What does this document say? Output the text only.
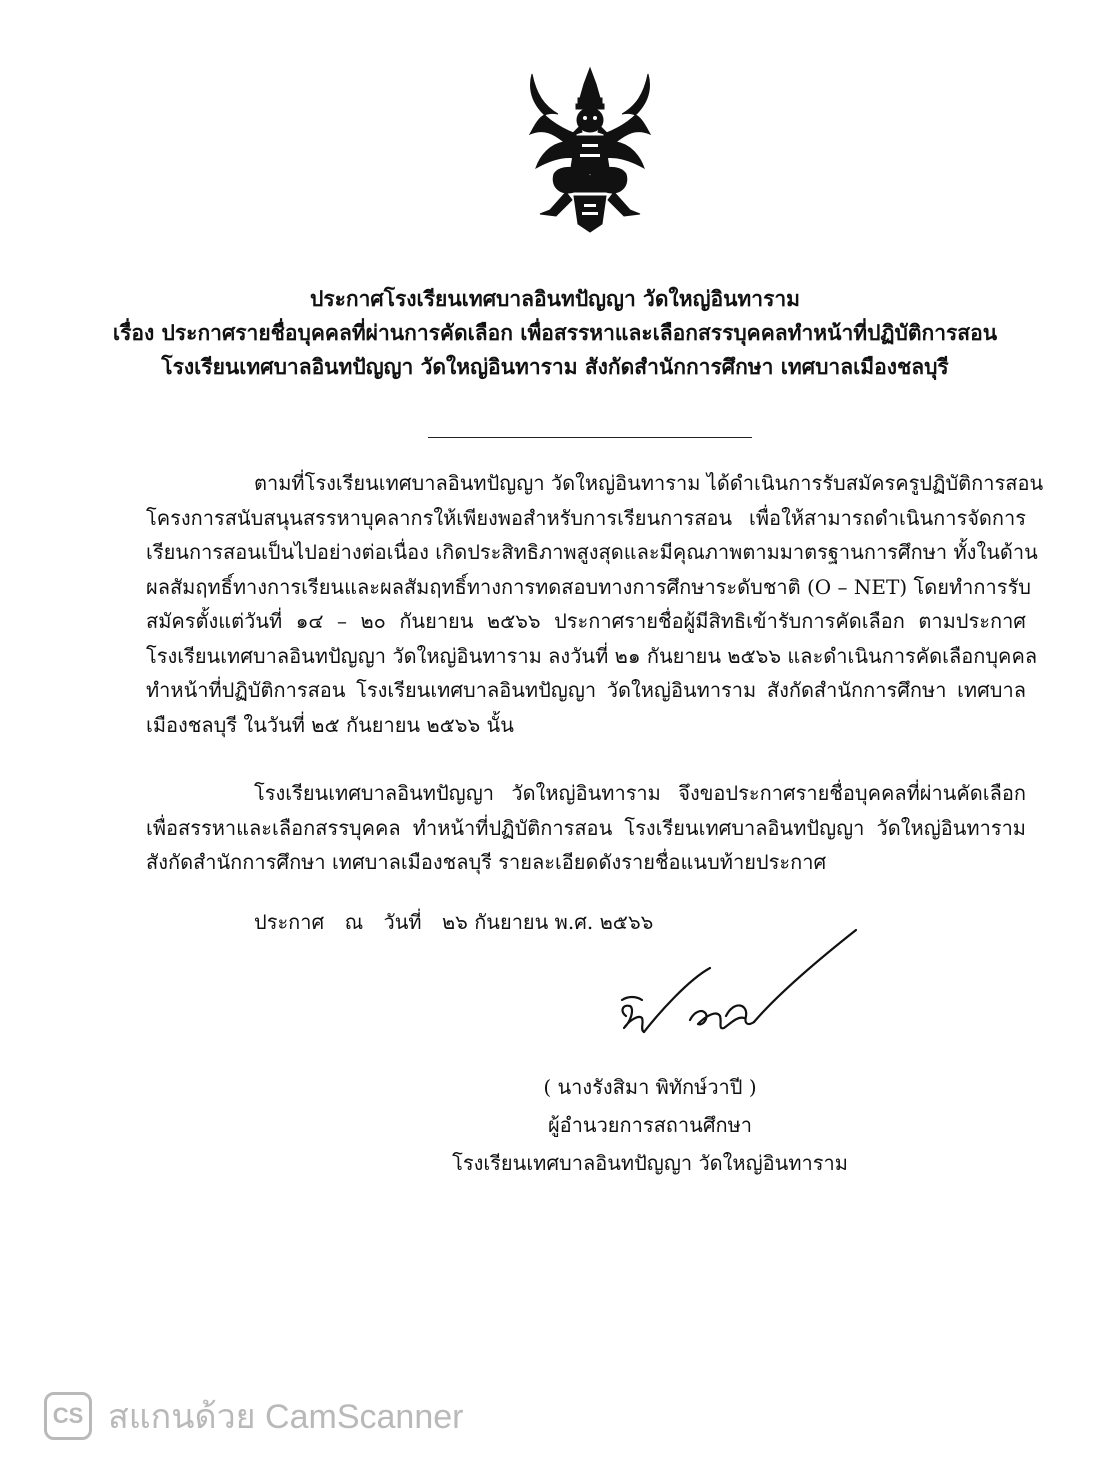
ประกาศโรงเรียนเทศบาลอินทปัญญา วัดใหญ่อินทาราม
เรื่อง ประกาศรายชื่อบุคคลที่ผ่านการคัดเลือก เพื่อสรรหาและเลือกสรรบุคคลทำหน้าที่ปฏิบัติการสอน
โรงเรียนเทศบาลอินทปัญญา วัดใหญ่อินทาราม สังกัดสำนักการศึกษา เทศบาลเมืองชลบุรี
ตามที่โรงเรียนเทศบาลอินทปัญญา วัดใหญ่อินทาราม ได้ดำเนินการรับสมัครครูปฏิบัติการสอน
โครงการสนับสนุนสรรหาบุคลากรให้เพียงพอสำหรับการเรียนการสอน เพื่อให้สามารถดำเนินการจัดการ
เรียนการสอนเป็นไปอย่างต่อเนื่อง เกิดประสิทธิภาพสูงสุดและมีคุณภาพตามมาตรฐานการศึกษา ทั้งในด้าน
ผลสัมฤทธิ์ทางการเรียนและผลสัมฤทธิ์ทางการทดสอบทางการศึกษาระดับชาติ (O – NET) โดยทำการรับ
สมัครตั้งแต่วันที่ ๑๔ – ๒๐ กันยายน ๒๕๖๖ ประกาศรายชื่อผู้มีสิทธิเข้ารับการคัดเลือก ตามประกาศ
โรงเรียนเทศบาลอินทปัญญา วัดใหญ่อินทาราม ลงวันที่ ๒๑ กันยายน ๒๕๖๖ และดำเนินการคัดเลือกบุคคล
ทำหน้าที่ปฏิบัติการสอน โรงเรียนเทศบาลอินทปัญญา วัดใหญ่อินทาราม สังกัดสำนักการศึกษา เทศบาล
เมืองชลบุรี ในวันที่ ๒๕ กันยายน ๒๕๖๖ นั้น
โรงเรียนเทศบาลอินทปัญญา วัดใหญ่อินทาราม จึงขอประกาศรายชื่อบุคคลที่ผ่านคัดเลือก
เพื่อสรรหาและเลือกสรรบุคคล ทำหน้าที่ปฏิบัติการสอน โรงเรียนเทศบาลอินทปัญญา วัดใหญ่อินทาราม
สังกัดสำนักการศึกษา เทศบาลเมืองชลบุรี รายละเอียดดังรายชื่อแนบท้ายประกาศ
ประกาศ ณ วันที่ ๒๖ กันยายน พ.ศ. ๒๕๖๖
( นางรังสิมา พิทักษ์วาปี )
ผู้อำนวยการสถานศึกษา
โรงเรียนเทศบาลอินทปัญญา วัดใหญ่อินทาราม
CS สแกนด้วย CamScanner
